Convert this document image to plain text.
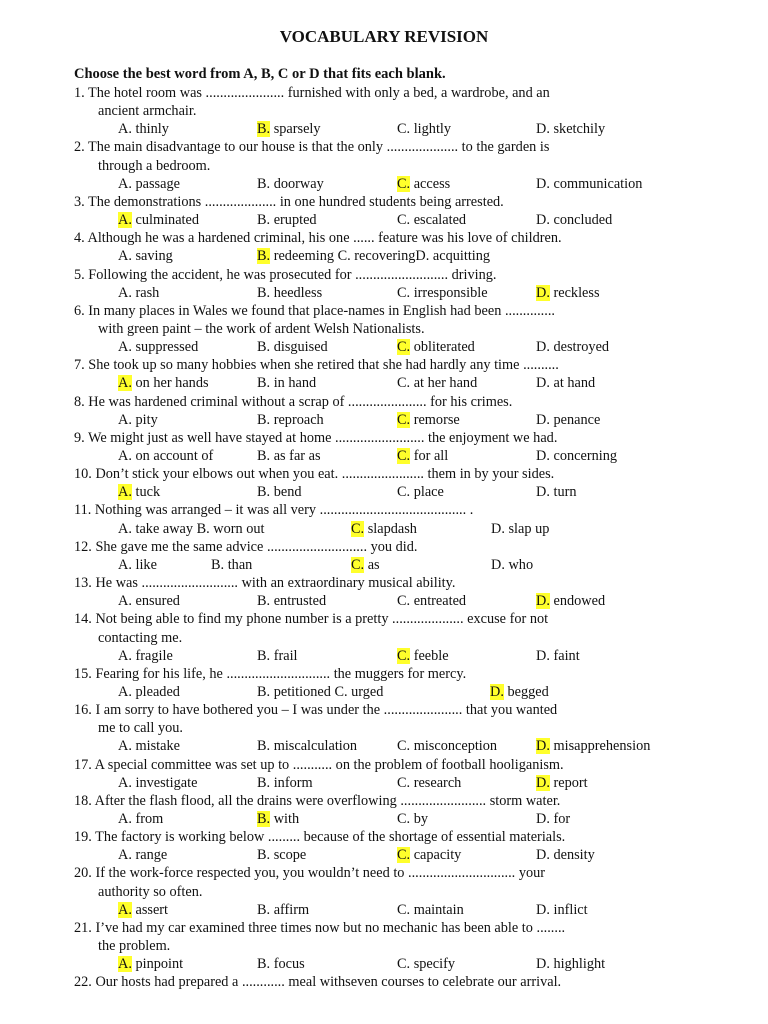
VOCABULARY REVISION
Choose the best word from A, B, C or D that fits each blank.
1. The hotel room was ...................... furnished with only a bed, a wardrobe, and an
ancient armchair.
A. thinly	B. sparsely	C. lightly	D. sketchily
2. The main disadvantage to our house is that the only .................... to the garden is
through a bedroom.
A. passage	B. doorway	C. access	D. communication
3. The demonstrations .................... in one hundred students being arrested.
A. culminated	B. erupted	C. escalated	D. concluded
4. Although he was a hardened criminal, his one ...... feature was his love of children.
A. saving	B. redeeming C. recoveringD. acquitting
5. Following the accident, he was prosecuted for .......................... driving.
A. rash	B. heedless	C. irresponsible	D. reckless
6. In many places in Wales we found that place-names in English had been ..............
with green paint – the work of ardent Welsh Nationalists.
A. suppressed	B. disguised	C. obliterated	D. destroyed
7. She took up so many hobbies when she retired that she had hardly any time ..........
A. on her hands	B. in hand	C. at her hand	D. at hand
8. He was hardened criminal without a scrap of ...................... for his crimes.
A. pity	B. reproach	C. remorse	D. penance
9. We might just as well have stayed at home ......................... the enjoyment we had.
A. on account of	B. as far as	C. for all	D. concerning
10. Don’t stick your elbows out when you eat. ....................... them in by your sides.
A. tuck	B. bend	C. place	D. turn
11. Nothing was arranged – it was all very ......................................... .
A. take away B. worn out	C. slapdash	D. slap up
12. She gave me the same advice ............................ you did.
A. like	B. than	C. as	D. who
13. He was ........................... with an extraordinary musical ability.
A. ensured	B. entrusted	C. entreated	D. endowed
14. Not being able to find my phone number is a pretty .................... excuse for not
contacting me.
A. fragile	B. frail	C. feeble	D. faint
15. Fearing for his life, he ............................. the muggers for mercy.
A. pleaded	B. petitioned C. urged	D. begged
16. I am sorry to have bothered you – I was under the ...................... that you wanted
me to call you.
A. mistake	B. miscalculation	C. misconception	D. misapprehension
17. A special committee was set up to ........... on the problem of football hooliganism.
A. investigate	B. inform	C. research	D. report
18. After the flash flood, all the drains were overflowing ........................ storm water.
A. from	B. with	C. by	D. for
19. The factory is working below ......... because of the shortage of essential materials.
A. range	B. scope	C. capacity	D. density
20. If the work-force respected you, you wouldn’t need to .............................. your
authority so often.
A. assert	B. affirm	C. maintain	D. inflict
21. I’ve had my car examined three times now but no mechanic has been able to ........
the problem.
A. pinpoint	B. focus	C. specify	D. highlight
22. Our hosts had prepared a ............ meal withseven courses to celebrate our arrival.
